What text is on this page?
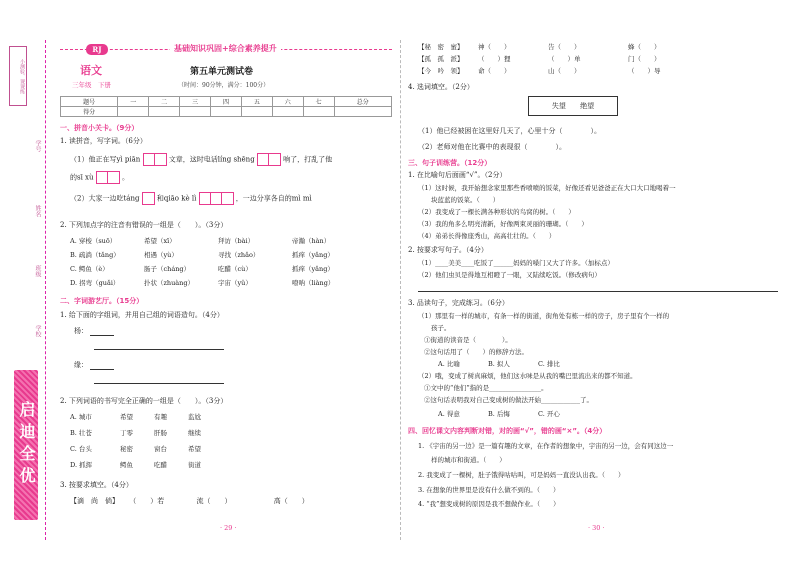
小测验、课课练
学号
姓名
班级
学校
启迪全优
RJ	基础知识巩固+综合素养提升
语文
三年级　下册
第五单元测试卷
（时间：90分钟，满分：100分）
题号	一	二	三	四	五	六	七	总分
得分								
一、拼音小关卡。（9分）
1. 读拼音，写字词。（6分）
（1）他正在写yì piān	文章，这时电话líng shēng	响了，打乱了他
的sī xù	。
（2）大家一边吃táng 和qiāo kè lì	，一边分享各自的mì mì
2. 下列加点字的注音有错误的一组是（　　）。（3分）
A. 穿梭（suō）	希望（xī）	拜访（bài）	帝瀚（hàn）
B. 疏淌（tǎng）	相遇（yù）	寻找（zhǎo）	抓痒（yǎng）
C. 鳄鱼（è）	肠子（cháng）	吃醋（cù）	抓痒（yǎng）
D. 拐弯（guǎi）	扑状（zhuàng）	宇宙（yǔ）	嘹呐（liàng）
二、字词游艺厅。（15分）
1. 给下面的字组词，并用自己组的词语造句。（4分）
杨：
缘：
2. 下列词语的书写完全正确的一组是（　　）。（3分）
A. 城市	希望	有趣	监尬
B. 壮苍	丁零	肝肠	继续
C. 台头	秘密	窗台	希望
D. 抓挥	鳄鱼	吃醋	街道
3. 按要求填空。（4分）
【滴　尚　倘】 （　　）若	流（　　）	高（　　）
· 29 ·
【秘　密　蜜】 神（　　）	告（　　）	蜂（　　）
【孤　孤　派】 （　　）狸	（　　）单	门（　　）
【今　吟　领】 命（　　）	山（　　）	（　　）导
4. 选词填空。（2分）
失望 绝望
（1）他已经被困在这里好几天了，心里十分（　　　　）。
（2）老师对他在比赛中的表现很（　　　　）。
三、句子训练营。（12分）
1. 在比喻句后面画“√”。（2分）
（1）这时候，我开始想念家里那些香喷喷的饭菜，好像还看见爸爸正在大口大口地喝着一
　　块蓝蓝的饭菜。（　　）
（2）我变成了一棵长满各种形状的鸟窝的树。（　　）
（3）我的角多么明亮清新，好像两束灵丽的珊瑚。（　　）
（4）弟弟长得像座秀山，高高壮壮的。（　　）
2. 按要求写句子。（4分）
（1）____美美____吃饭了______妈妈的嗓门又大了许多。（加标点）
（2）他们虫贝是得地互相瞪了一眼，又陆续吃饭。（修改病句）
3. 品读句子，完成练习。（6分）
（1）那里有一样的城市，有条一样的街道，街角处有栋一样的房子，房子里有个一样的
　　孩子。
①街道的读音是（　　　　）。
②这句话用了（　　）的修辞方法。
A. 比喻	B. 拟人	C. 排比
（2）哦，变成了树真麻烦，他们这水味是从我的嘴巴里流出来的都不知道。
①文中的“他们”指的是________________。
②这句话表明我对自己变成树的做法开始____________了。
A. 得意	B. 后悔	C. 开心
四、回忆课文内容判断对错，对的画“√”，错的画“×”。（4分）
1. 《宇宙的另一边》是一篇有趣的文章，在作者的想象中，宇宙的另一边，会有同这边一
　　样的城市和街道。（　　）
2. 我变成了一棵树，肚子饿得咕咕叫，可是妈妈一直没认出我。（　　）
3. 在想象的世界里是没有什么做不到的。（　　）
4. “我”想变成树的原因是我不想做作业。（　　）
· 30 ·
